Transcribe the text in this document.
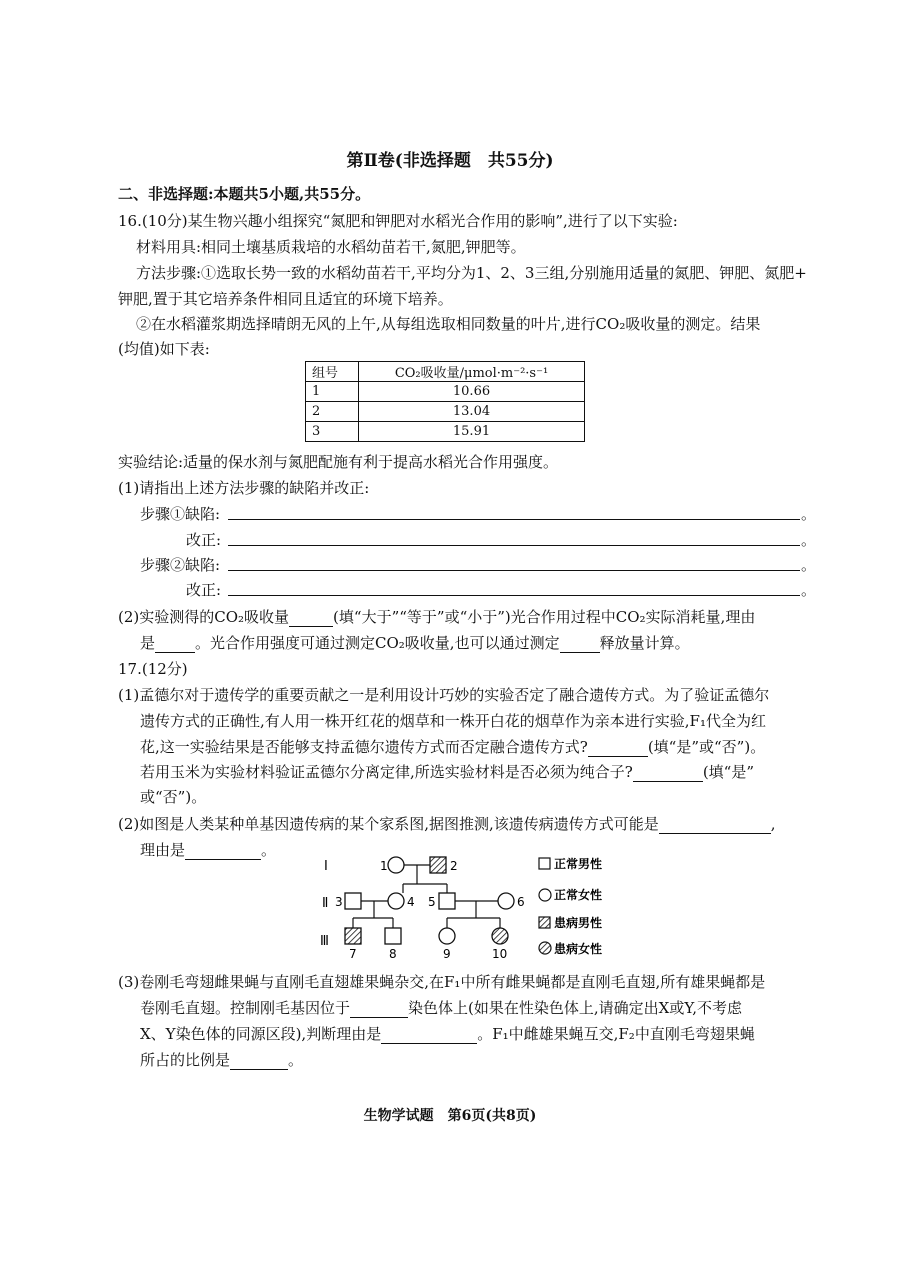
第Ⅱ卷(非选择题　共55分)
二、非选择题:本题共5小题,共55分。
16.(10分)某生物兴趣小组探究“氮肥和钾肥对水稻光合作用的影响”,进行了以下实验:
材料用具:相同土壤基质栽培的水稻幼苗若干,氮肥,钾肥等。
方法步骤:①选取长势一致的水稻幼苗若干,平均分为1、2、3三组,分别施用适量的氮肥、钾肥、氮肥+
钾肥,置于其它培养条件相同且适宜的环境下培养。
②在水稻灌浆期选择晴朗无风的上午,从每组选取相同数量的叶片,进行CO₂吸收量的测定。结果
(均值)如下表:
组号	CO₂吸收量/μmol·m⁻²·s⁻¹
1	10.66
2	13.04
3	15.91
实验结论:适量的保水剂与氮肥配施有利于提高水稻光合作用强度。
(1)请指出上述方法步骤的缺陷并改正:
步骤①缺陷:	。
改正:	。
步骤②缺陷:	。
改正:	。
(2)实验测得的CO₂吸收量	(填“大于”“等于”或“小于”)光合作用过程中CO₂实际消耗量,理由
是	。光合作用强度可通过测定CO₂吸收量,也可以通过测定	释放量计算。
17.(12分)
(1)孟德尔对于遗传学的重要贡献之一是利用设计巧妙的实验否定了融合遗传方式。为了验证孟德尔
遗传方式的正确性,有人用一株开红花的烟草和一株开白花的烟草作为亲本进行实验,F₁代全为红
花,这一实验结果是否能够支持孟德尔遗传方式而否定融合遗传方式?	(填“是”或“否”)。
若用玉米为实验材料验证孟德尔分离定律,所选实验材料是否必须为纯合子?	(填“是”
或“否”)。
(2)如图是人类某种单基因遗传病的某个家系图,据图推测,该遗传病遗传方式可能是	,
理由是	。
Ⅰ
Ⅱ
Ⅲ
1	2
3	4 5	6
7	8	9	10
正常男性
正常女性
患病男性
患病女性
(3)卷刚毛弯翅雌果蝇与直刚毛直翅雄果蝇杂交,在F₁中所有雌果蝇都是直刚毛直翅,所有雄果蝇都是
卷刚毛直翅。控制刚毛基因位于	染色体上(如果在性染色体上,请确定出X或Y,不考虑
X、Y染色体的同源区段),判断理由是	。F₁中雌雄果蝇互交,F₂中直刚毛弯翅果蝇
所占的比例是	。
生物学试题　第6页(共8页)
